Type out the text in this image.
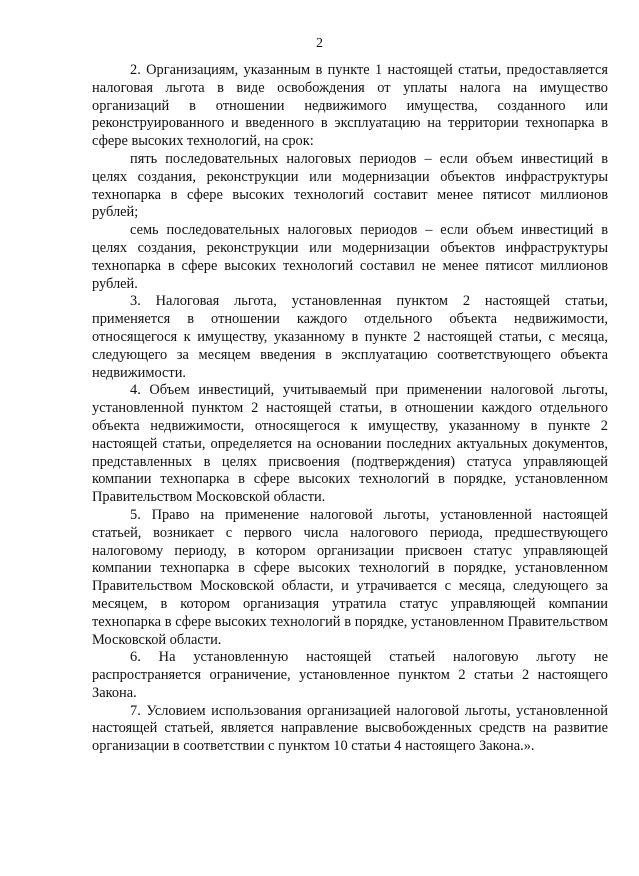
2

2. Организациям, указанным в пункте 1 настоящей статьи, предоставляется налоговая льгота в виде освобождения от уплаты налога на имущество организаций в отношении недвижимого имущества, созданного или реконструированного и введенного в эксплуатацию на территории технопарка в сфере высоких технологий, на срок:

пять последовательных налоговых периодов – если объем инвестиций в целях создания, реконструкции или модернизации объектов инфраструктуры технопарка в сфере высоких технологий составит менее пятисот миллионов рублей;

семь последовательных налоговых периодов – если объем инвестиций в целях создания, реконструкции или модернизации объектов инфраструктуры технопарка в сфере высоких технологий составил не менее пятисот миллионов рублей.

3. Налоговая льгота, установленная пунктом 2 настоящей статьи, применяется в отношении каждого отдельного объекта недвижимости, относящегося к имуществу, указанному в пункте 2 настоящей статьи, с месяца, следующего за месяцем введения в эксплуатацию соответствующего объекта недвижимости.

4. Объем инвестиций, учитываемый при применении налоговой льготы, установленной пунктом 2 настоящей статьи, в отношении каждого отдельного объекта недвижимости, относящегося к имуществу, указанному в пункте 2 настоящей статьи, определяется на основании последних актуальных документов, представленных в целях присвоения (подтверждения) статуса управляющей компании технопарка в сфере высоких технологий в порядке, установленном Правительством Московской области.

5. Право на применение налоговой льготы, установленной настоящей статьей, возникает с первого числа налогового периода, предшествующего налоговому периоду, в котором организации присвоен статус управляющей компании технопарка в сфере высоких технологий в порядке, установленном Правительством Московской области, и утрачивается с месяца, следующего за месяцем, в котором организация утратила статус управляющей компании технопарка в сфере высоких технологий в порядке, установленном Правительством Московской области.

6. На установленную настоящей статьей налоговую льготу не распространяется ограничение, установленное пунктом 2 статьи 2 настоящего Закона.

7. Условием использования организацией налоговой льготы, установленной настоящей статьей, является направление высвобожденных средств на развитие организации в соответствии с пунктом 10 статьи 4 настоящего Закона.».
